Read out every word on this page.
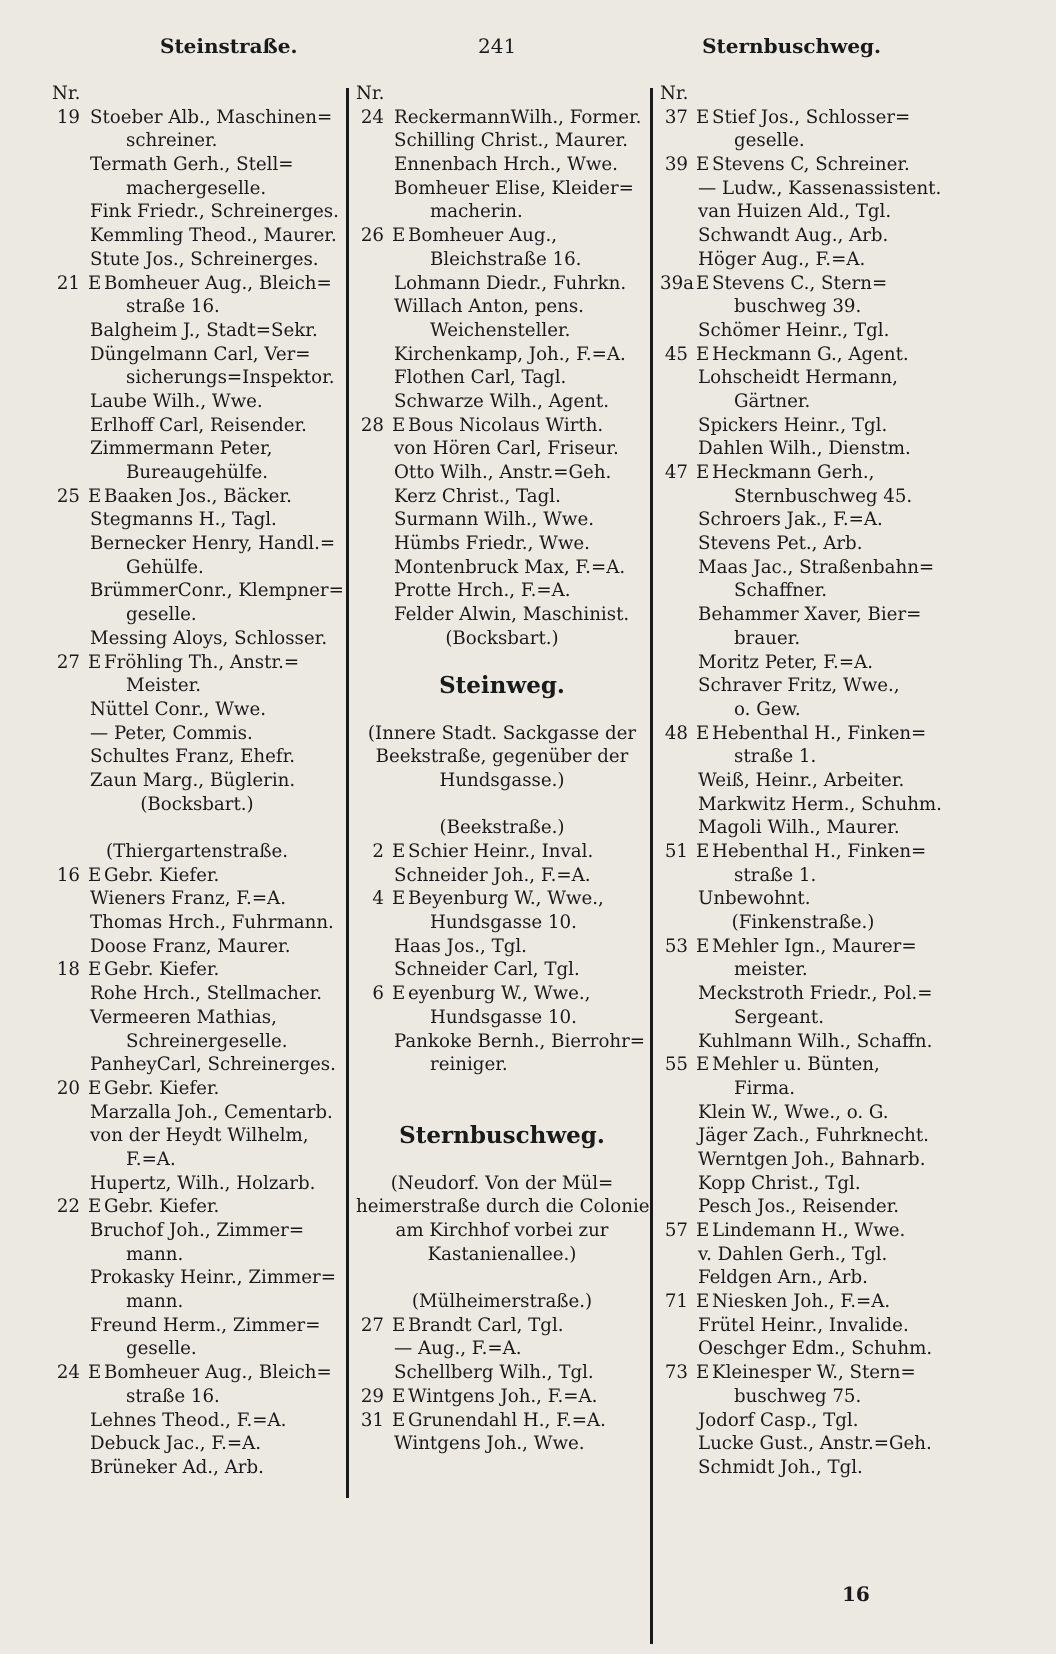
Steinstraße.	241	Sternbuschweg.
Nr.
19 Stoeber Alb., Maschinen=
schreiner.
Termath Gerh., Stell=
machergeselle.
Fink Friedr., Schreinerges.
Kemmling Theod., Maurer.
Stute Jos., Schreinerges.
21 E Bomheuer Aug., Bleich=
straße 16.
Balgheim J., Stadt=Sekr.
Düngelmann Carl, Ver=
sicherungs=Inspektor.
Laube Wilh., Wwe.
Erlhoff Carl, Reisender.
Zimmermann Peter,
Bureaugehülfe.
25 E Baaken Jos., Bäcker.
Stegmanns H., Tagl.
Bernecker Henry, Handl.=
Gehülfe.
BrümmerConr., Klempner=
geselle.
Messing Aloys, Schlosser.
27 E Fröhling Th., Anstr.=
Meister.
Nüttel Conr., Wwe.
— Peter, Commis.
Schultes Franz, Ehefr.
Zaun Marg., Büglerin.
(Bocksbart.)
(Thiergartenstraße.
16 E Gebr. Kiefer.
Wieners Franz, F.=A.
Thomas Hrch., Fuhrmann.
Doose Franz, Maurer.
18 E Gebr. Kiefer.
Rohe Hrch., Stellmacher.
Vermeeren Mathias,
Schreinergeselle.
PanheyCarl, Schreinerges.
20 E Gebr. Kiefer.
Marzalla Joh., Cementarb.
von der Heydt Wilhelm,
F.=A.
Hupertz, Wilh., Holzarb.
22 E Gebr. Kiefer.
Bruchof Joh., Zimmer=
mann.
Prokasky Heinr., Zimmer=
mann.
Freund Herm., Zimmer=
geselle.
24 E Bomheuer Aug., Bleich=
straße 16.
Lehnes Theod., F.=A.
Debuck Jac., F.=A.
Brüneker Ad., Arb.
Nr.
24 ReckermannWilh., Former.
Schilling Christ., Maurer.
Ennenbach Hrch., Wwe.
Bomheuer Elise, Kleider=
macherin.
26 E Bomheuer Aug.,
Bleichstraße 16.
Lohmann Diedr., Fuhrkn.
Willach Anton, pens.
Weichensteller.
Kirchenkamp, Joh., F.=A.
Flothen Carl, Tagl.
Schwarze Wilh., Agent.
28 E Bous Nicolaus Wirth.
von Hören Carl, Friseur.
Otto Wilh., Anstr.=Geh.
Kerz Christ., Tagl.
Surmann Wilh., Wwe.
Hümbs Friedr., Wwe.
Montenbruck Max, F.=A.
Protte Hrch., F.=A.
Felder Alwin, Maschinist.
(Bocksbart.)
Steinweg.
(Innere Stadt. Sackgasse der
Beekstraße, gegenüber der
Hundsgasse.)
(Beekstraße.)
2 E Schier Heinr., Inval.
Schneider Joh., F.=A.
4 E Beyenburg W., Wwe.,
Hundsgasse 10.
Haas Jos., Tgl.
Schneider Carl, Tgl.
6 E eyenburg W., Wwe.,
Hundsgasse 10.
Pankoke Bernh., Bierrohr=
reiniger.
Sternbuschweg.
(Neudorf. Von der Mül=
heimerstraße durch die Colonie
am Kirchhof vorbei zur
Kastanienallee.)
(Mülheimerstraße.)
27 E Brandt Carl, Tgl.
— Aug., F.=A.
Schellberg Wilh., Tgl.
29 E Wintgens Joh., F.=A.
31 E Grunendahl H., F.=A.
Wintgens Joh., Wwe.
Nr.
37 E Stief Jos., Schlosser=
geselle.
39 E Stevens C, Schreiner.
— Ludw., Kassenassistent.
van Huizen Ald., Tgl.
Schwandt Aug., Arb.
Höger Aug., F.=A.
39a E Stevens C., Stern=
buschweg 39.
Schömer Heinr., Tgl.
45 E Heckmann G., Agent.
Lohscheidt Hermann,
Gärtner.
Spickers Heinr., Tgl.
Dahlen Wilh., Dienstm.
47 E Heckmann Gerh.,
Sternbuschweg 45.
Schroers Jak., F.=A.
Stevens Pet., Arb.
Maas Jac., Straßenbahn=
Schaffner.
Behammer Xaver, Bier=
brauer.
Moritz Peter, F.=A.
Schraver Fritz, Wwe.,
o. Gew.
48 E Hebenthal H., Finken=
straße 1.
Weiß, Heinr., Arbeiter.
Markwitz Herm., Schuhm.
Magoli Wilh., Maurer.
51 E Hebenthal H., Finken=
straße 1.
Unbewohnt.
(Finkenstraße.)
53 E Mehler Ign., Maurer=
meister.
Meckstroth Friedr., Pol.=
Sergeant.
Kuhlmann Wilh., Schaffn.
55 E Mehler u. Bünten,
Firma.
Klein W., Wwe., o. G.
Jäger Zach., Fuhrknecht.
Werntgen Joh., Bahnarb.
Kopp Christ., Tgl.
Pesch Jos., Reisender.
57 E Lindemann H., Wwe.
v. Dahlen Gerh., Tgl.
Feldgen Arn., Arb.
71 E Niesken Joh., F.=A.
Frütel Heinr., Invalide.
Oeschger Edm., Schuhm.
73 E Kleinesper W., Stern=
buschweg 75.
Jodorf Casp., Tgl.
Lucke Gust., Anstr.=Geh.
Schmidt Joh., Tgl.
16
